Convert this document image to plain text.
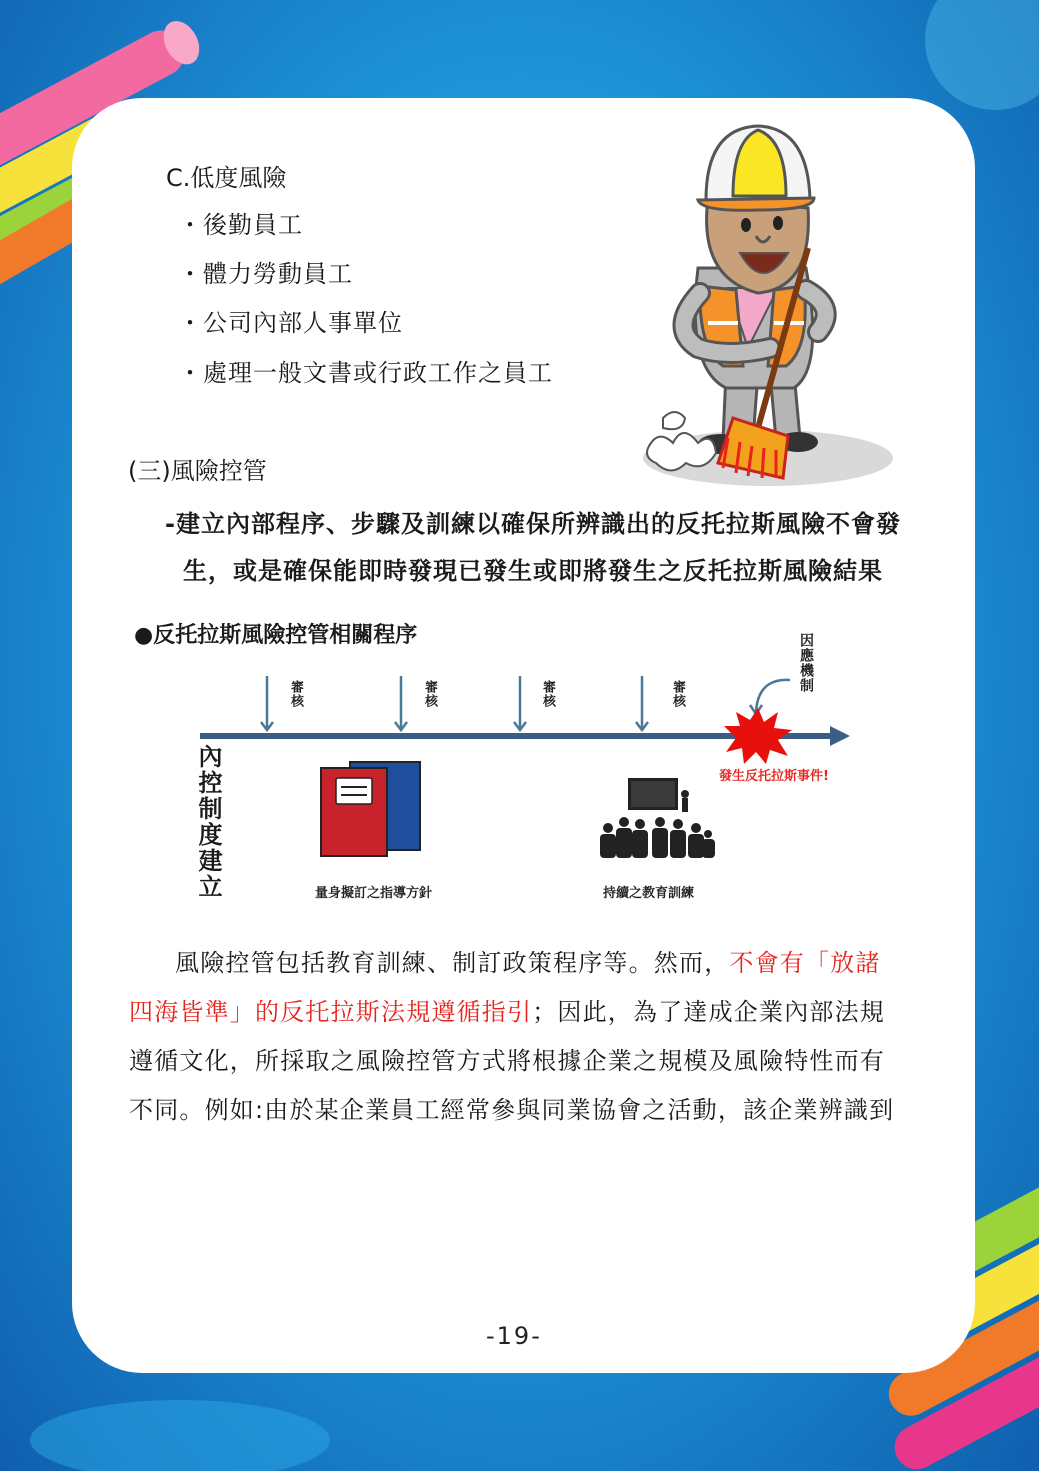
C.低度風險
・後勤員工
・體力勞動員工
・公司內部人事單位
・處理一般文書或行政工作之員工
(三)風險控管
-建立內部程序、步驟及訓練以確保所辨識出的反托拉斯風險不會發
生，或是確保能即時發現已發生或即將發生之反托拉斯風險結果
●反托拉斯風險控管相關程序
審核	審核	審核	審核
因應機制
發生反托拉斯事件!
內控制度建立	量身擬訂之指導方針	持續之教育訓練
風險控管包括教育訓練、制訂政策程序等。然而，不會有「放諸
四海皆準」的反托拉斯法規遵循指引；因此，為了達成企業內部法規
遵循文化，所採取之風險控管方式將根據企業之規模及風險特性而有
不同。例如:由於某企業員工經常參與同業協會之活動，該企業辨識到
-19-
